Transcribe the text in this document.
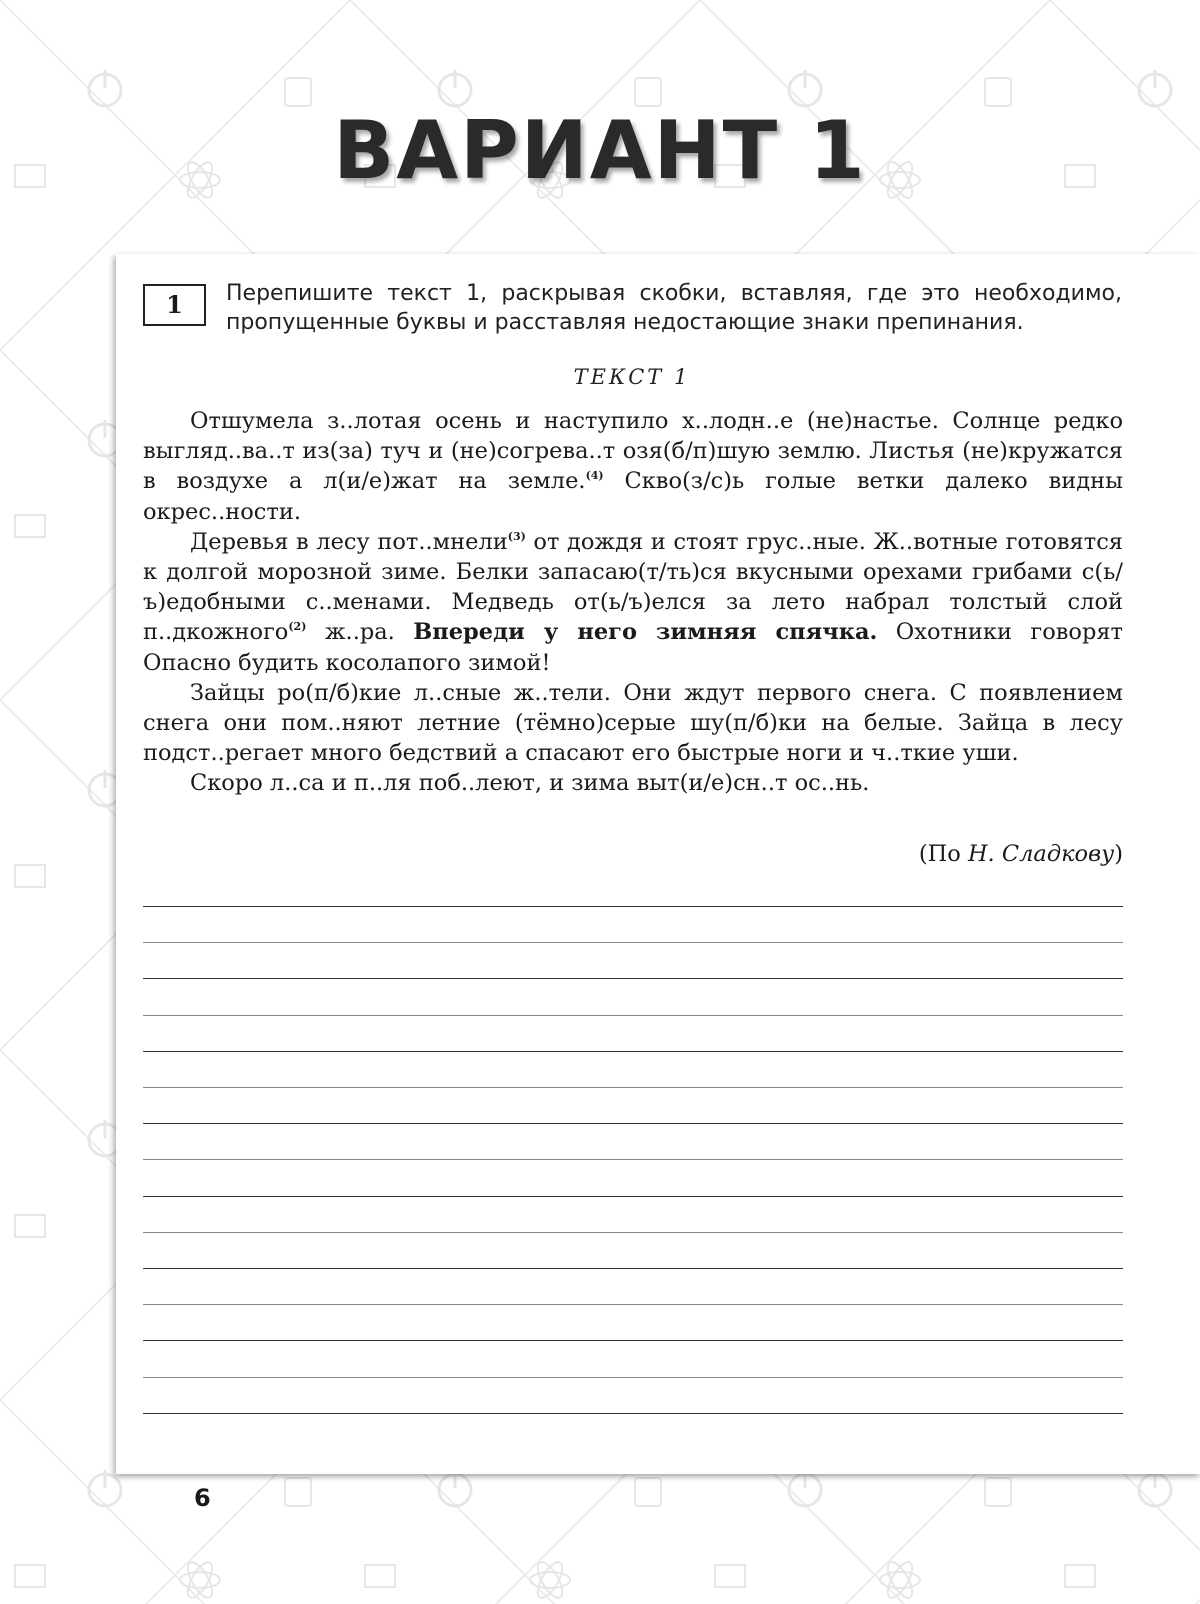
ВАРИАНТ 1
1	Перепишите текст 1, раскрывая скобки, вставляя, где это необходимо, пропущенные буквы и расставляя недостающие знаки препинания.
ТЕКСТ 1

Отшумела з..лотая осень и наступило х..лодн..е (не)настье. Солнце редко выгляд..ва..т из(за) туч и (не)согрева..т озя(б/п)шую землю. Листья (не)кружатся в воздухе а л(и/е)жат на земле.$^{(4)}$ Скво(з/с)ь голые ветки далеко видны окрес..ности.

Деревья в лесу пот..мнели$^{(3)}$ от дождя и стоят грус..ные. Ж..вотные готовятся к долгой морозной зиме. Белки запасаю(т/ть)ся вкусными орехами грибами с(ь/ъ)едобными с..менами. Медведь от(ь/ъ)елся за лето набрал толстый слой п..дкожного$^{(2)}$ ж..ра. Впереди у него зимняя спячка. Охотники говорят Опасно будить косолапого зимой!

Зайцы ро(п/б)кие л..сные ж..тели. Они ждут первого снега. С появлением снега они пом..няют летние (тёмно)серые шу(п/б)ки на белые. Зайца в лесу подст..регает много бедствий а спасают его быстрые ноги и ч..ткие уши.

Скоро л..са и п..ля поб..леют, и зима выт(и/е)сн..т ос..нь.

(По Н. Сладкову)
6
